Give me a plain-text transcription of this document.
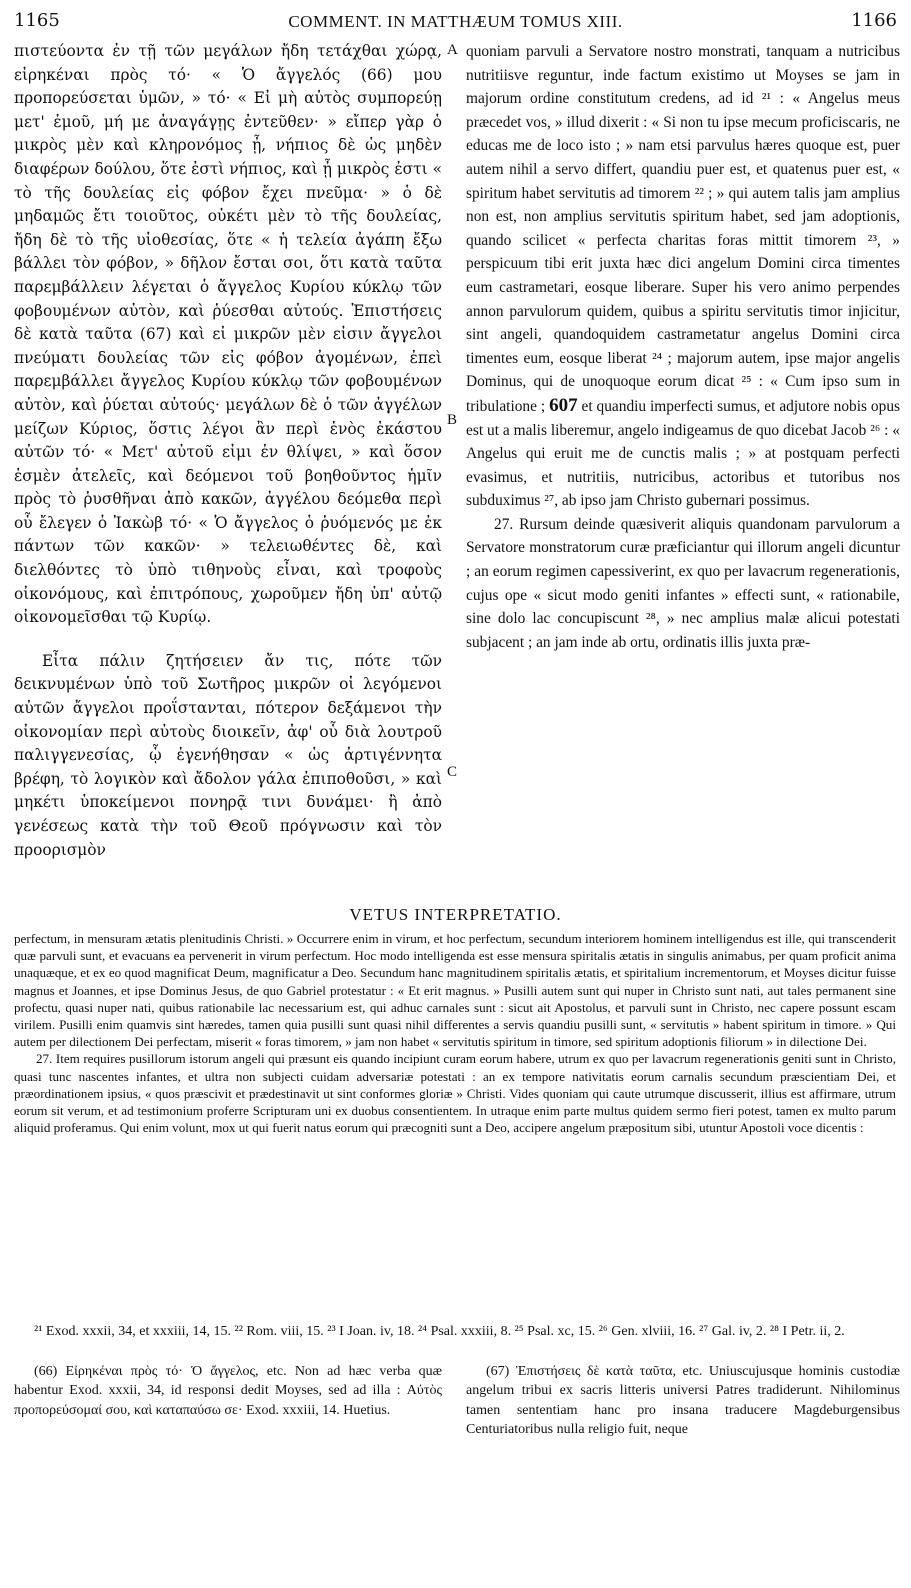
1165	COMMENT. IN MATTHÆUM TOMUS XIII.	1166

πιστεύοντα ἐν τῇ τῶν μεγάλων ἤδη τετάχθαι χώρᾳ, εἰρηκέναι πρὸς τό· « Ὁ ἄγγελός (66) μου προπορεύσεται ὑμῶν, » τό· « Εἰ μὴ αὐτὸς συμπορεύῃ μετ' ἐμοῦ, μή με ἀναγάγῃς ἐντεῦθεν· » εἴπερ γὰρ ὁ μικρὸς μὲν καὶ κληρονόμος ᾖ, νήπιος δὲ ὡς μηδὲν διαφέρων δούλου, ὅτε ἐστὶ νήπιος, καὶ ᾖ μικρὸς ἐστι « τὸ τῆς δουλείας εἰς φόβον ἔχει πνεῦμα· » ὁ δὲ μηδαμῶς ἔτι τοιοῦτος, οὐκέτι μὲν τὸ τῆς δουλείας, ἤδη δὲ τὸ τῆς υἱοθεσίας, ὅτε « ἡ τελεία ἀγάπη ἔξω βάλλει τὸν φόβον, » δῆλον ἔσται σοι, ὅτι κατὰ ταῦτα παρεμβάλλειν λέγεται ὁ ἄγγελος Κυρίου κύκλῳ τῶν φοβουμένων αὐτὸν, καὶ ῥύεσθαι αὐτούς. Ἐπιστήσεις δὲ κατὰ ταῦτα (67) καὶ εἰ μικρῶν μὲν εἰσιν ἄγγελοι πνεύματι δουλείας τῶν εἰς φόβον ἀγομένων, ἐπεὶ παρεμβάλλει ἄγγελος Κυρίου κύκλῳ τῶν φοβουμένων αὐτὸν, καὶ ῥύεται αὐτούς· μεγάλων δὲ ὁ τῶν ἀγγέλων μείζων Κύριος, ὅστις λέγοι ἂν περὶ ἑνὸς ἑκάστου αὐτῶν τό· « Μετ' αὐτοῦ εἰμι ἐν θλίψει, » καὶ ὅσον ἐσμὲν ἀτελεῖς, καὶ δεόμενοι τοῦ βοηθοῦντος ἡμῖν πρὸς τὸ ῥυσθῆναι ἀπὸ κακῶν, ἀγγέλου δεόμεθα περὶ οὗ ἔλεγεν ὁ Ἰακὼβ τό· « Ὁ ἄγγελος ὁ ῥυόμενός με ἐκ πάντων τῶν κακῶν· » τελειωθέντες δὲ, καὶ διελθόντες τὸ ὑπὸ τιθηνοὺς εἶναι, καὶ τροφοὺς οἰκονόμους, καὶ ἐπιτρόπους, χωροῦμεν ἤδη ὑπ' αὐτῷ οἰκονομεῖσθαι τῷ Κυρίῳ.

Εἶτα πάλιν ζητήσειεν ἄν τις, πότε τῶν δεικνυμένων ὑπὸ τοῦ Σωτῆρος μικρῶν οἱ λεγόμενοι αὐτῶν ἄγγελοι προΐστανται, πότερον δεξάμενοι τὴν οἰκονομίαν περὶ αὐτοὺς διοικεῖν, ἀφ' οὗ διὰ λουτροῦ παλιγγενεσίας, ᾧ ἐγενήθησαν « ὡς ἀρτιγέννητα βρέφη, τὸ λογικὸν καὶ ἄδολον γάλα ἐπιποθοῦσι, » καὶ μηκέτι ὑποκείμενοι πονηρᾷ τινι δυνάμει· ἢ ἀπὸ γενέσεως κατὰ τὴν τοῦ Θεοῦ πρόγνωσιν καὶ τὸν προορισμὸν

quoniam parvuli a Servatore nostro monstrati, tanquam a nutricibus nutritiisve reguntur, inde factum existimo ut Moyses se jam in majorum ordine constitutum credens, ad id ²¹ : « Angelus meus præcedet vos, » illud dixerit : « Si non tu ipse mecum proficiscaris, ne educas me de loco isto ; » nam etsi parvulus hæres quoque est, puer autem nihil a servo differt, quandiu puer est, et quatenus puer est, « spiritum habet servitutis ad timorem ²² ; » qui autem talis jam amplius non est, non amplius servitutis spiritum habet, sed jam adoptionis, quando scilicet « perfecta charitas foras mittit timorem ²³, » perspicuum tibi erit juxta hæc dici angelum Domini circa timentes eum castrametari, eosque liberare. Super his vero animo perpendes annon parvulorum quidem, quibus a spiritu servitutis timor injicitur, sint angeli, quandoquidem castrametatur angelus Domini circa timentes eum, eosque liberat ²⁴ ; majorum autem, ipse major angelis Dominus, qui de unoquoque eorum dicat ²⁵ : « Cum ipso sum in tribulatione ; 607 et quandiu imperfecti sumus, et adjutore nobis opus est ut a malis liberemur, angelo indigeamus de quo dicebat Jacob ²⁶ : « Angelus qui eruit me de cunctis malis ; » at postquam perfecti evasimus, et nutritiis, nutricibus, actoribus et tutoribus nos subduximus ²⁷, ab ipso jam Christo gubernari possimus.

27. Rursum deinde quæsiverit aliquis quandonam parvulorum a Servatore monstratorum curæ præficiantur qui illorum angeli dicuntur ; an eorum regimen capessiverint, ex quo per lavacrum regenerationis, cujus ope « sicut modo geniti infantes » effecti sunt, « rationabile, sine dolo lac concupiscunt ²⁸, » nec amplius malæ alicui potestati subjacent ; an jam inde ab ortu, ordinatis illis juxta præ-

A
B
C
VETUS INTERPRETATIO.

perfectum, in mensuram ætatis plenitudinis Christi. » Occurrere enim in virum, et hoc perfectum, secundum interiorem hominem intelligendus est ille, qui transcenderit quæ parvuli sunt, et evacuans ea pervenerit in virum perfectum. Hoc modo intelligenda est esse mensura spiritalis ætatis in singulis animabus, per quam proficit anima unaquæque, et ex eo quod magnificat Deum, magnificatur a Deo. Secundum hanc magnitudinem spiritalis ætatis, et spiritalium incrementorum, et Moyses dicitur fuisse magnus et Joannes, et ipse Dominus Jesus, de quo Gabriel protestatur : « Et erit magnus. » Pusilli autem sunt qui nuper in Christo sunt nati, aut tales permanent sine profectu, quasi nuper nati, quibus rationabile lac necessarium est, qui adhuc carnales sunt : sicut ait Apostolus, et parvuli sunt in Christo, nec capere possunt escam virilem. Pusilli enim quamvis sint hæredes, tamen quia pusilli sunt quasi nihil differentes a servis quandiu pusilli sunt, « servitutis » habent spiritum in timore. » Qui autem per dilectionem Dei perfectam, miserit « foras timorem, » jam non habet « servitutis spiritum in timore, sed spiritum adoptionis filiorum » in dilectione Dei.

27. Item requires pusillorum istorum angeli qui præsunt eis quando incipiunt curam eorum habere, utrum ex quo per lavacrum regenerationis geniti sunt in Christo, quasi tunc nascentes infantes, et ultra non subjecti cuidam adversariæ potestati : an ex tempore nativitatis eorum carnalis secundum præscientiam Dei, et præordinationem ipsius, « quos præscivit et prædestinavit ut sint conformes gloriæ » Christi. Vides quoniam qui caute utrumque discusserit, illius est affirmare, utrum eorum sit verum, et ad testimonium proferre Scripturam uni ex duobus consentientem. In utraque enim parte multus quidem sermo fieri potest, tamen ex multo parum aliquid proferamus. Qui enim volunt, mox ut qui fuerit natus eorum qui præcogniti sunt a Deo, accipere angelum præpositum sibi, utuntur Apostoli voce dicentis :

²¹ Exod. xxxii, 34, et xxxiii, 14, 15. ²² Rom. viii, 15. ²³ I Joan. iv, 18. ²⁴ Psal. xxxiii, 8. ²⁵ Psal. xc, 15. ²⁶ Gen. xlviii, 16. ²⁷ Gal. iv, 2. ²⁸ I Petr. ii, 2.

(66) Εἰρηκέναι πρὸς τό· Ὁ ἄγγελος, etc. Non ad hæc verba quæ habentur Exod. xxxii, 34, id responsi dedit Moyses, sed ad illa : Αὐτὸς προπορεύσομαί σου, καὶ καταπαύσω σε· Exod. xxxiii, 14. Huetius.

(67) Ἐπιστήσεις δὲ κατὰ ταῦτα, etc. Uniuscujusque hominis custodiæ angelum tribui ex sacris litteris universi Patres tradiderunt. Nihilominus tamen sententiam hanc pro insana traducere Magdeburgensibus Centuriatoribus nulla religio fuit, neque
